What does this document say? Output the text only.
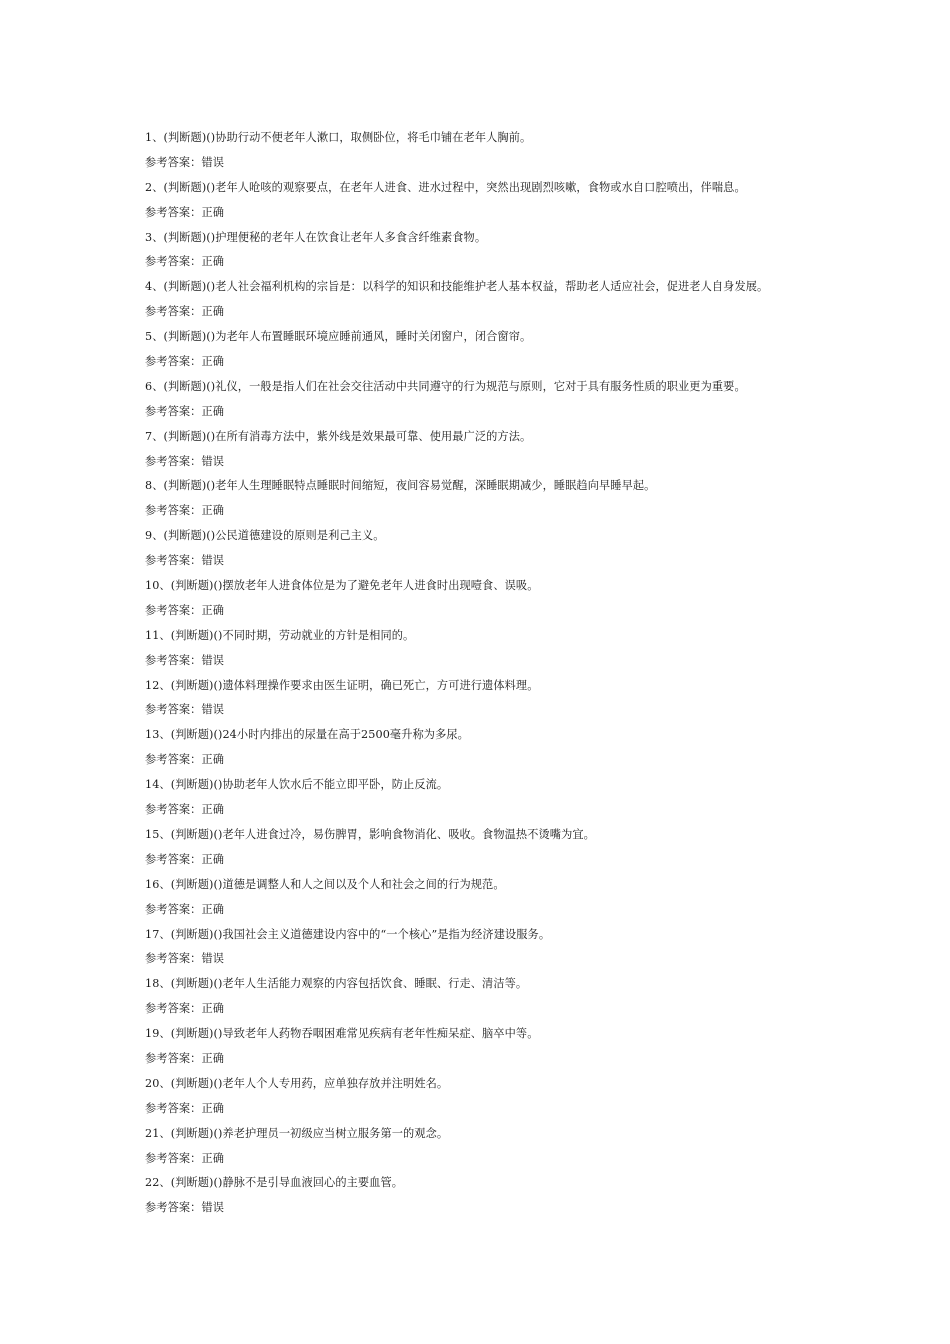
1、(判断题)()协助行动不便老年人漱口，取侧卧位，将毛巾铺在老年人胸前。
参考答案：错误
2、(判断题)()老年人呛咳的观察要点，在老年人进食、进水过程中，突然出现剧烈咳嗽，食物或水自口腔喷出，伴喘息。
参考答案：正确
3、(判断题)()护理便秘的老年人在饮食让老年人多食含纤维素食物。
参考答案：正确
4、(判断题)()老人社会福利机构的宗旨是：以科学的知识和技能维护老人基本权益，帮助老人适应社会，促进老人自身发展。
参考答案：正确
5、(判断题)()为老年人布置睡眠环境应睡前通风，睡时关闭窗户，闭合窗帘。
参考答案：正确
6、(判断题)()礼仪，一般是指人们在社会交往活动中共同遵守的行为规范与原则，它对于具有服务性质的职业更为重要。
参考答案：正确
7、(判断题)()在所有消毒方法中，紫外线是效果最可靠、使用最广泛的方法。
参考答案：错误
8、(判断题)()老年人生理睡眠特点睡眠时间缩短，夜间容易觉醒，深睡眠期减少，睡眠趋向早睡早起。
参考答案：正确
9、(判断题)()公民道德建设的原则是利己主义。
参考答案：错误
10、(判断题)()摆放老年人进食体位是为了避免老年人进食时出现噎食、误吸。
参考答案：正确
11、(判断题)()不同时期，劳动就业的方针是相同的。
参考答案：错误
12、(判断题)()遗体料理操作要求由医生证明，确已死亡，方可进行遗体料理。
参考答案：错误
13、(判断题)()24小时内排出的尿量在高于2500毫升称为多尿。
参考答案：正确
14、(判断题)()协助老年人饮水后不能立即平卧，防止反流。
参考答案：正确
15、(判断题)()老年人进食过冷，易伤脾胃，影响食物消化、吸收。食物温热不烫嘴为宜。
参考答案：正确
16、(判断题)()道德是调整人和人之间以及个人和社会之间的行为规范。
参考答案：正确
17、(判断题)()我国社会主义道德建设内容中的“一个核心”是指为经济建设服务。
参考答案：错误
18、(判断题)()老年人生活能力观察的内容包括饮食、睡眠、行走、清洁等。
参考答案：正确
19、(判断题)()导致老年人药物吞咽困难常见疾病有老年性痴呆症、脑卒中等。
参考答案：正确
20、(判断题)()老年人个人专用药，应单独存放并注明姓名。
参考答案：正确
21、(判断题)()养老护理员一初级应当树立服务第一的观念。
参考答案：正确
22、(判断题)()静脉不是引导血液回心的主要血管。
参考答案：错误
